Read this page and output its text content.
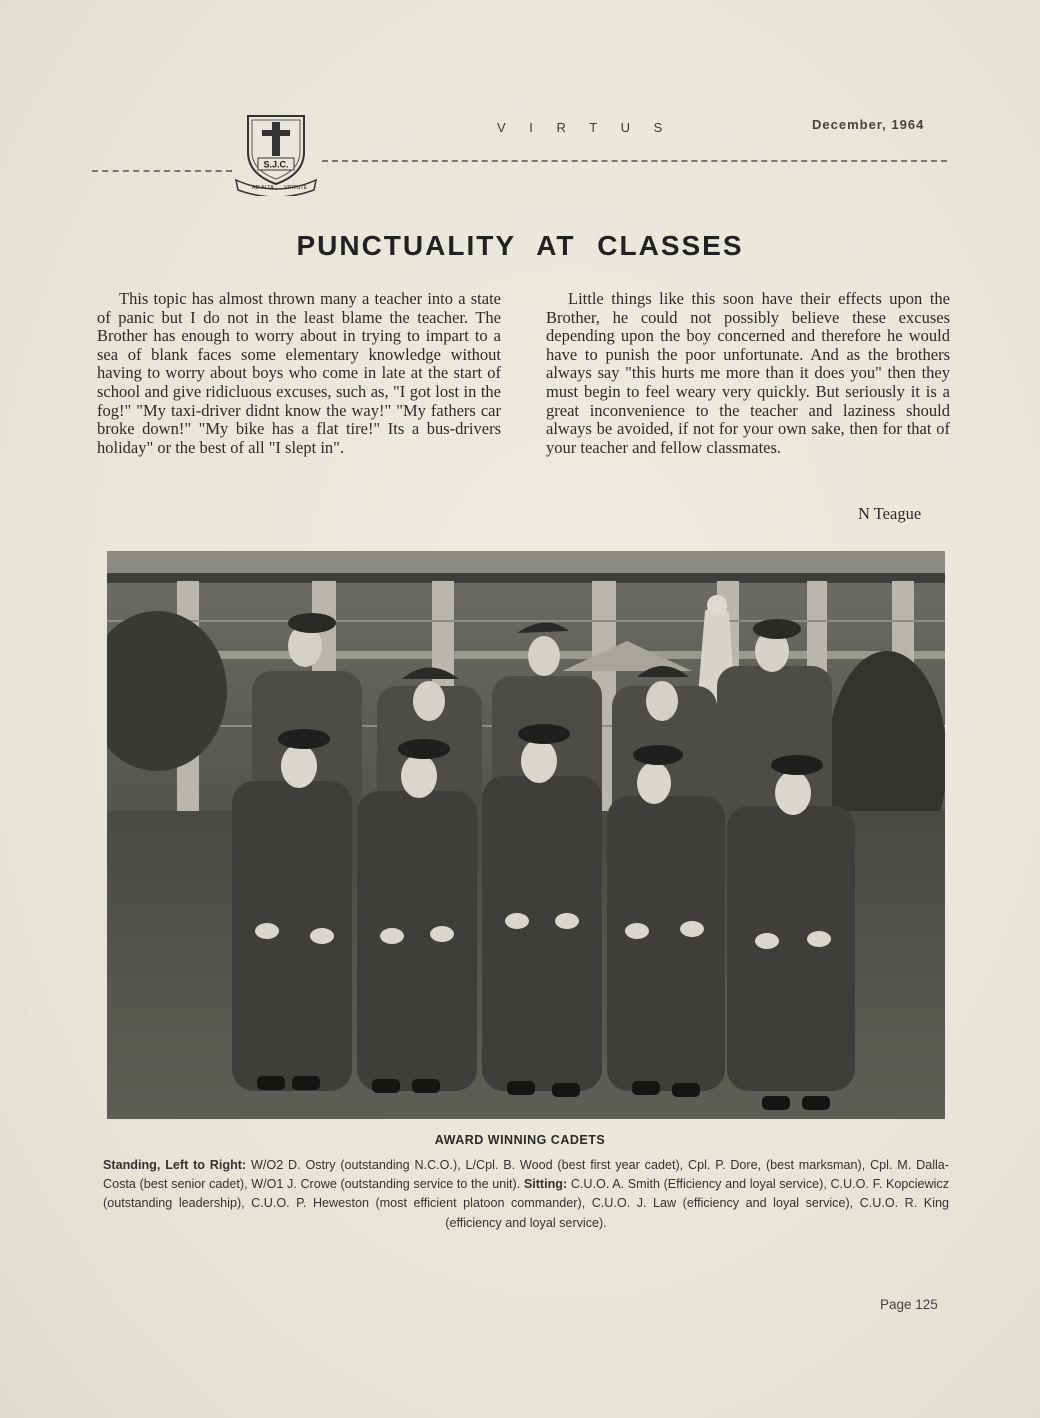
S.J.C.
AD ALTA VIRTUTE
V I R T U S	December, 1964
PUNCTUALITY AT CLASSES
This topic has almost thrown many a teacher into a state of panic but I do not in the least blame the teacher. The Brother has enough to worry about in trying to impart to a sea of blank faces some elementary knowledge without having to worry about boys who come in late at the start of school and give ridicluous excuses, such as, "I got lost in the fog!" "My taxi-driver didnt know the way!" "My fathers car broke down!" "My bike has a flat tire!" Its a bus-drivers holiday" or the best of all "I slept in".
Little things like this soon have their effects upon the Brother, he could not possibly believe these excuses depending upon the boy concerned and therefore he would have to punish the poor unfortunate. And as the brothers always say "this hurts me more than it does you" then they must begin to feel weary very quickly. But seriously it is a great inconvenience to the teacher and laziness should always be avoided, if not for your own sake, then for that of your teacher and fellow classmates.
N Teague
AWARD WINNING CADETS
Standing, Left to Right: W/O2 D. Ostry (outstanding N.C.O.), L/Cpl. B. Wood (best first year cadet), Cpl. P. Dore, (best marksman), Cpl. M. Dalla-Costa (best senior cadet), W/O1 J. Crowe (outstanding service to the unit). Sitting: C.U.O. A. Smith (Efficiency and loyal service), C.U.O. F. Kopciewicz (outstanding leadership), C.U.O. P. Heweston (most efficient platoon commander), C.U.O. J. Law (efficiency and loyal service), C.U.O. R. King (efficiency and loyal service).
Page 125
